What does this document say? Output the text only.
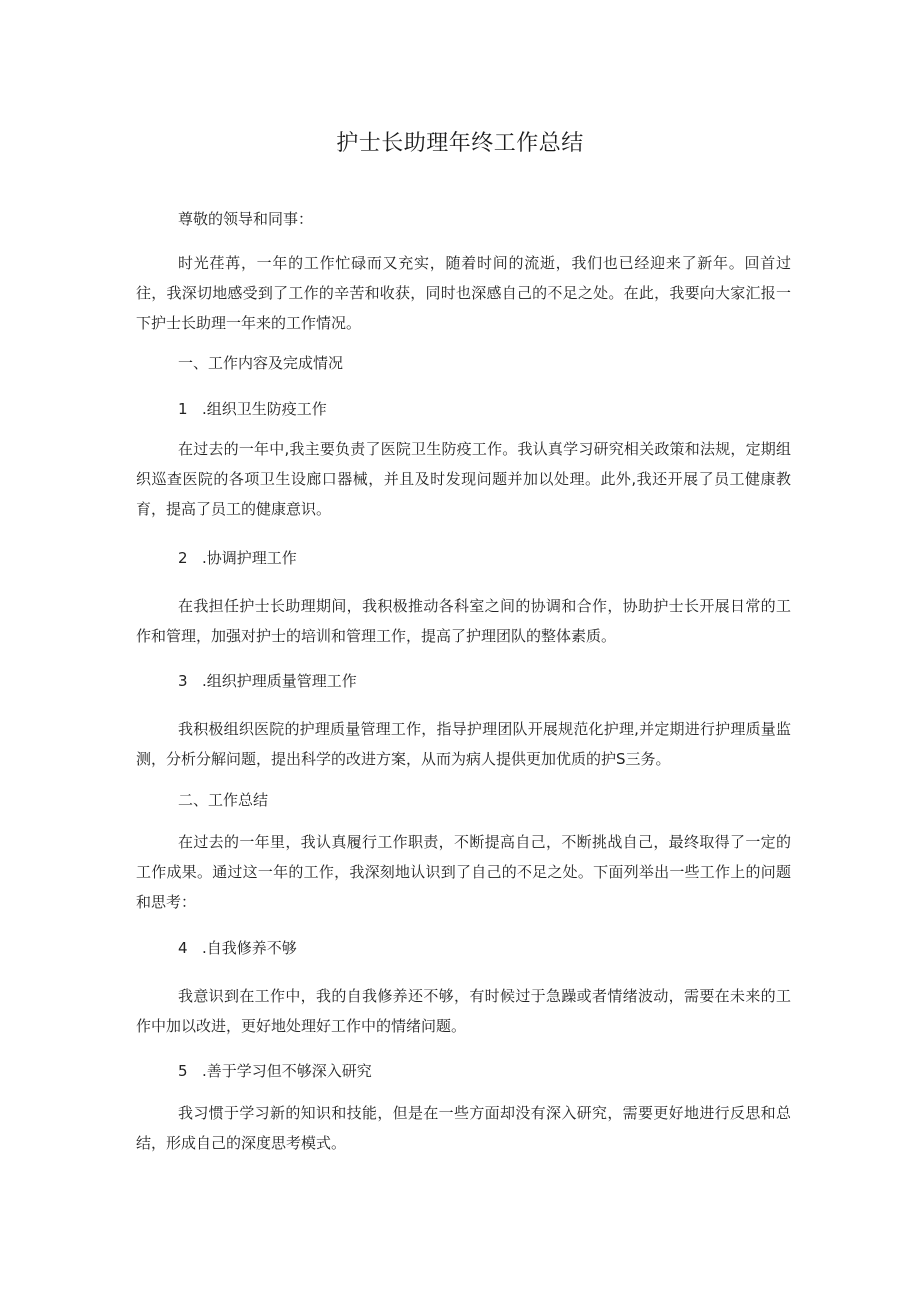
护士长助理年终工作总结
尊敬的领导和同事：
时光荏苒，一年的工作忙碌而又充实，随着时间的流逝，我们也已经迎来了新年。回首过往，我深切地感受到了工作的辛苦和收获，同时也深感自己的不足之处。在此，我要向大家汇报一下护士长助理一年来的工作情况。
一、工作内容及完成情况
1 .组织卫生防疫工作
在过去的一年中,我主要负责了医院卫生防疫工作。我认真学习研究相关政策和法规，定期组织巡查医院的各项卫生设廊口器械，并且及时发现问题并加以处理。此外,我还开展了员工健康教育，提高了员工的健康意识。
2 .协调护理工作
在我担任护士长助理期间，我积极推动各科室之间的协调和合作，协助护士长开展日常的工作和管理，加强对护士的培训和管理工作，提高了护理团队的整体素质。
3 .组织护理质量管理工作
我积极组织医院的护理质量管理工作，指导护理团队开展规范化护理,并定期进行护理质量监测，分析分解问题，提出科学的改进方案，从而为病人提供更加优质的护S三务。
二、工作总结
在过去的一年里，我认真履行工作职责，不断提高自己，不断挑战自己，最终取得了一定的工作成果。通过这一年的工作，我深刻地认识到了自己的不足之处。下面列举出一些工作上的问题和思考：
4 .自我修养不够
我意识到在工作中，我的自我修养还不够，有时候过于急躁或者情绪波动，需要在未来的工作中加以改进，更好地处理好工作中的情绪问题。
5 .善于学习但不够深入研究
我习惯于学习新的知识和技能，但是在一些方面却没有深入研究，需要更好地进行反思和总结，形成自己的深度思考模式。
